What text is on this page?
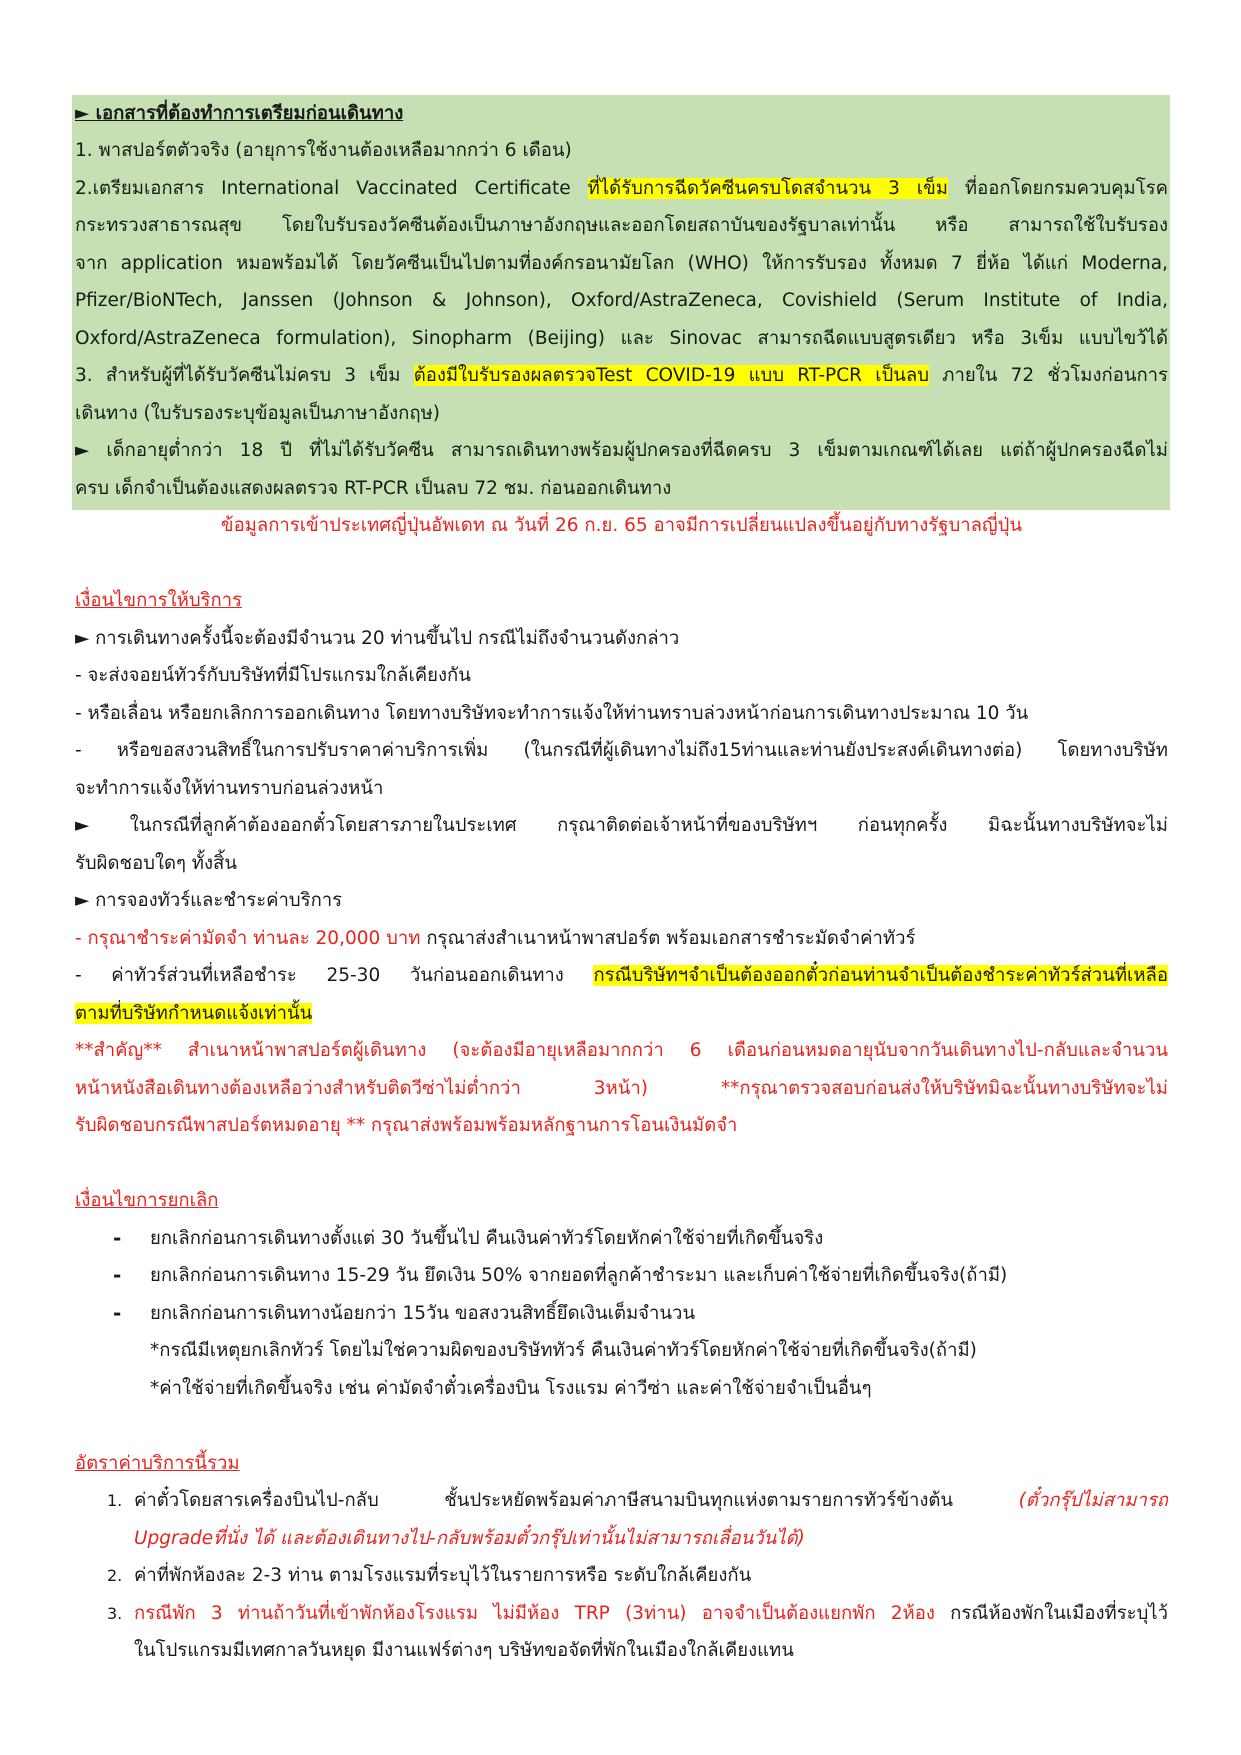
► เอกสารที่ต้องทำการเตรียมก่อนเดินทาง
1. พาสปอร์ตตัวจริง (อายุการใช้งานต้องเหลือมากกว่า 6 เดือน)
2.เตรียมเอกสาร International Vaccinated Certificate ที่ได้รับการฉีดวัคซีนครบโดสจำนวน 3 เข็ม ที่ออกโดยกรมควบคุมโรค
กระทรวงสาธารณสุข โดยใบรับรองวัคซีนต้องเป็นภาษาอังกฤษและออกโดยสถาบันของรัฐบาลเท่านั้น หรือ สามารถใช้ใบรับรอง
จาก application หมอพร้อมได้ โดยวัคซีนเป็นไปตามที่องค์กรอนามัยโลก (WHO) ให้การรับรอง ทั้งหมด 7 ยี่ห้อ ได้แก่ Moderna,
Pfizer/BioNTech, Janssen (Johnson & Johnson), Oxford/AstraZeneca, Covishield (Serum Institute of India,
Oxford/AstraZeneca formulation), Sinopharm (Beijing) และ Sinovac สามารถฉีดแบบสูตรเดียว หรือ 3เข็ม แบบไขว้ได้
3. สำหรับผู้ที่ได้รับวัคซีนไม่ครบ 3 เข็ม ต้องมีใบรับรองผลตรวจTest COVID-19 แบบ RT-PCR เป็นลบ ภายใน 72 ชั่วโมงก่อนการ
เดินทาง (ใบรับรองระบุข้อมูลเป็นภาษาอังกฤษ)
► เด็กอายุต่ำกว่า 18 ปี ที่ไม่ได้รับวัคซีน สามารถเดินทางพร้อมผู้ปกครองที่ฉีดครบ 3 เข็มตามเกณฑ์ได้เลย แต่ถ้าผู้ปกครองฉีดไม่
ครบ เด็กจำเป็นต้องแสดงผลตรวจ RT-PCR เป็นลบ 72 ชม. ก่อนออกเดินทาง
ข้อมูลการเข้าประเทศญี่ปุ่นอัพเดท ณ วันที่ 26 ก.ย. 65 อาจมีการเปลี่ยนแปลงขึ้นอยู่กับทางรัฐบาลญี่ปุ่น
เงื่อนไขการให้บริการ
► การเดินทางครั้งนี้จะต้องมีจำนวน 20 ท่านขึ้นไป กรณีไม่ถึงจำนวนดังกล่าว
- จะส่งจอยน์ทัวร์กับบริษัทที่มีโปรแกรมใกล้เคียงกัน
- หรือเลื่อน หรือยกเลิกการออกเดินทาง โดยทางบริษัทจะทำการแจ้งให้ท่านทราบล่วงหน้าก่อนการเดินทางประมาณ 10 วัน
- หรือขอสงวนสิทธิ์ในการปรับราคาค่าบริการเพิ่ม (ในกรณีที่ผู้เดินทางไม่ถึง15ท่านและท่านยังประสงค์เดินทางต่อ) โดยทางบริษัท
จะทำการแจ้งให้ท่านทราบก่อนล่วงหน้า
► ในกรณีที่ลูกค้าต้องออกตั๋วโดยสารภายในประเทศ กรุณาติดต่อเจ้าหน้าที่ของบริษัทฯ ก่อนทุกครั้ง มิฉะนั้นทางบริษัทจะไม่
รับผิดชอบใดๆ ทั้งสิ้น
► การจองทัวร์และชำระค่าบริการ
- กรุณาชำระค่ามัดจำ ท่านละ 20,000 บาท กรุณาส่งสำเนาหน้าพาสปอร์ต พร้อมเอกสารชำระมัดจำค่าทัวร์
- ค่าทัวร์ส่วนที่เหลือชำระ 25-30 วันก่อนออกเดินทาง กรณีบริษัทฯจำเป็นต้องออกตั๋วก่อนท่านจำเป็นต้องชำระค่าทัวร์ส่วนที่เหลือ
ตามที่บริษัทกำหนดแจ้งเท่านั้น
**สำคัญ** สำเนาหน้าพาสปอร์ตผู้เดินทาง (จะต้องมีอายุเหลือมากกว่า 6 เดือนก่อนหมดอายุนับจากวันเดินทางไป-กลับและจำนวน
หน้าหนังสือเดินทางต้องเหลือว่างสำหรับติดวีซ่าไม่ต่ำกว่า 3หน้า) **กรุณาตรวจสอบก่อนส่งให้บริษัทมิฉะนั้นทางบริษัทจะไม่
รับผิดชอบกรณีพาสปอร์ตหมดอายุ ** กรุณาส่งพร้อมพร้อมหลักฐานการโอนเงินมัดจำ
เงื่อนไขการยกเลิก
-	ยกเลิกก่อนการเดินทางตั้งแต่ 30 วันขึ้นไป คืนเงินค่าทัวร์โดยหักค่าใช้จ่ายที่เกิดขึ้นจริง
-	ยกเลิกก่อนการเดินทาง 15-29 วัน ยึดเงิน 50% จากยอดที่ลูกค้าชำระมา และเก็บค่าใช้จ่ายที่เกิดขึ้นจริง(ถ้ามี)
-	ยกเลิกก่อนการเดินทางน้อยกว่า 15วัน ขอสงวนสิทธิ์ยึดเงินเต็มจำนวน
*กรณีมีเหตุยกเลิกทัวร์ โดยไม่ใช่ความผิดของบริษัททัวร์ คืนเงินค่าทัวร์โดยหักค่าใช้จ่ายที่เกิดขึ้นจริง(ถ้ามี)
*ค่าใช้จ่ายที่เกิดขึ้นจริง เช่น ค่ามัดจำตั๋วเครื่องบิน โรงแรม ค่าวีซ่า และค่าใช้จ่ายจำเป็นอื่นๆ
อัตราค่าบริการนี้รวม
1. ค่าตั๋วโดยสารเครื่องบินไป-กลับ ชั้นประหยัดพร้อมค่าภาษีสนามบินทุกแห่งตามรายการทัวร์ข้างต้น (ตั๋วกรุ๊ปไม่สามารถ
Upgradeที่นั่ง ได้ และต้องเดินทางไป-กลับพร้อมตั๋วกรุ๊ปเท่านั้นไม่สามารถเลื่อนวันได้)
2. ค่าที่พักห้องละ 2-3 ท่าน ตามโรงแรมที่ระบุไว้ในรายการหรือ ระดับใกล้เคียงกัน
3. กรณีพัก 3 ท่านถ้าวันที่เข้าพักห้องโรงแรม ไม่มีห้อง TRP (3ท่าน) อาจจำเป็นต้องแยกพัก 2ห้อง กรณีห้องพักในเมืองที่ระบุไว้
ในโปรแกรมมีเทศกาลวันหยุด มีงานแฟร์ต่างๆ บริษัทขอจัดที่พักในเมืองใกล้เคียงแทน
